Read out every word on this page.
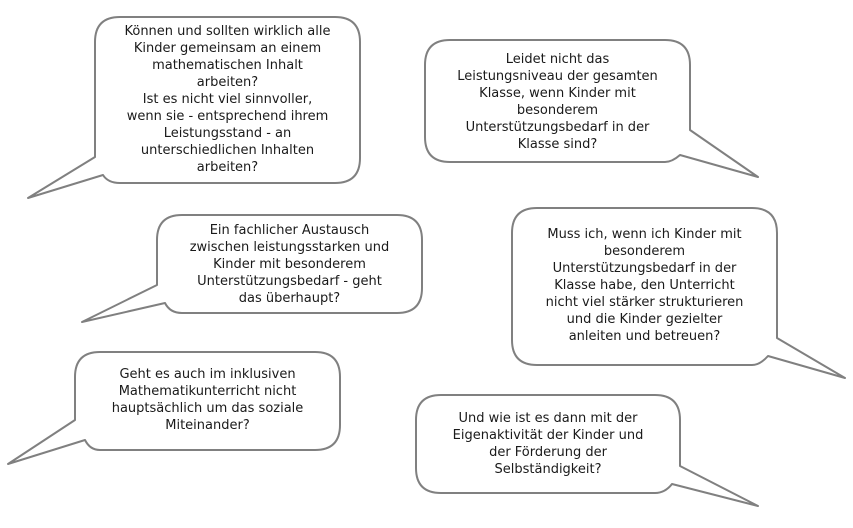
Können und sollten wirklich alle
Kinder gemeinsam an einem
mathematischen Inhalt
arbeiten?
Ist es nicht viel sinnvoller,
wenn sie - entsprechend ihrem
Leistungsstand - an
unterschiedlichen Inhalten
arbeiten?
Leidet nicht das
Leistungsniveau der gesamten
Klasse, wenn Kinder mit
besonderem
Unterstützungsbedarf in der
Klasse sind?
Ein fachlicher Austausch
zwischen leistungsstarken und
Kinder mit besonderem
Unterstützungsbedarf - geht
das überhaupt?
Muss ich, wenn ich Kinder mit
besonderem
Unterstützungsbedarf in der
Klasse habe, den Unterricht
nicht viel stärker strukturieren
und die Kinder gezielter
anleiten und betreuen?
Geht es auch im inklusiven
Mathematikunterricht nicht
hauptsächlich um das soziale
Miteinander?	Und wie ist es dann mit der
Eigenaktivität der Kinder und
der Förderung der
Selbständigkeit?
